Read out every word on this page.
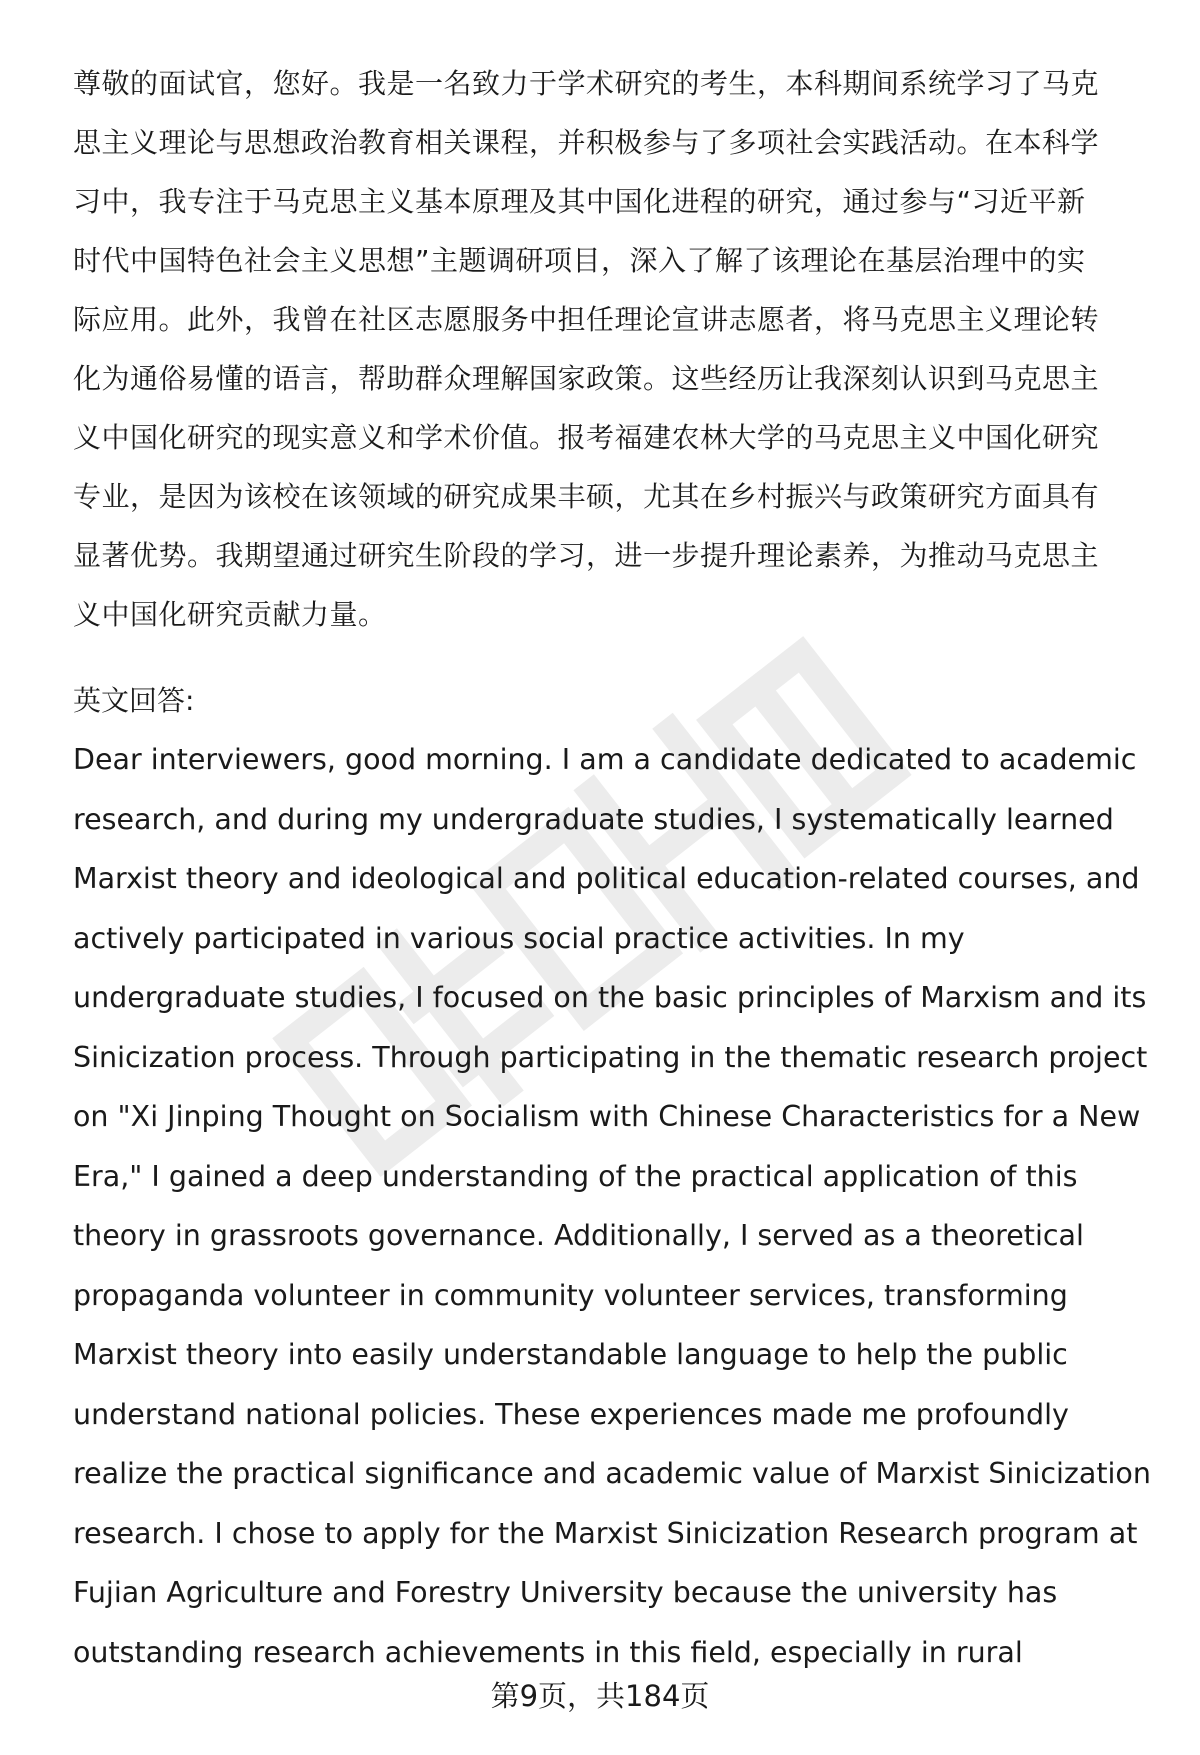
尊敬的面试官，您好。我是一名致力于学术研究的考生，本科期间系统学习了马克
思主义理论与思想政治教育相关课程，并积极参与了多项社会实践活动。在本科学
习中，我专注于马克思主义基本原理及其中国化进程的研究，通过参与“习近平新
时代中国特色社会主义思想”主题调研项目，深入了解了该理论在基层治理中的实
际应用。此外，我曾在社区志愿服务中担任理论宣讲志愿者，将马克思主义理论转
化为通俗易懂的语言，帮助群众理解国家政策。这些经历让我深刻认识到马克思主
义中国化研究的现实意义和学术价值。报考福建农林大学的马克思主义中国化研究
专业，是因为该校在该领域的研究成果丰硕，尤其在乡村振兴与政策研究方面具有
显著优势。我期望通过研究生阶段的学习，进一步提升理论素养，为推动马克思主
义中国化研究贡献力量。
英文回答:
Dear interviewers, good morning. I am a candidate dedicated to academic
research, and during my undergraduate studies, I systematically learned
Marxist theory and ideological and political education-related courses, and
actively participated in various social practice activities. In my
undergraduate studies, I focused on the basic principles of Marxism and its
Sinicization process. Through participating in the thematic research project
on "Xi Jinping Thought on Socialism with Chinese Characteristics for a New
Era," I gained a deep understanding of the practical application of this
theory in grassroots governance. Additionally, I served as a theoretical
propaganda volunteer in community volunteer services, transforming
Marxist theory into easily understandable language to help the public
understand national policies. These experiences made me profoundly
realize the practical significance and academic value of Marxist Sinicization
research. I chose to apply for the Marxist Sinicization Research program at
Fujian Agriculture and Forestry University because the university has
outstanding research achievements in this field, especially in rural
第9页，共184页
